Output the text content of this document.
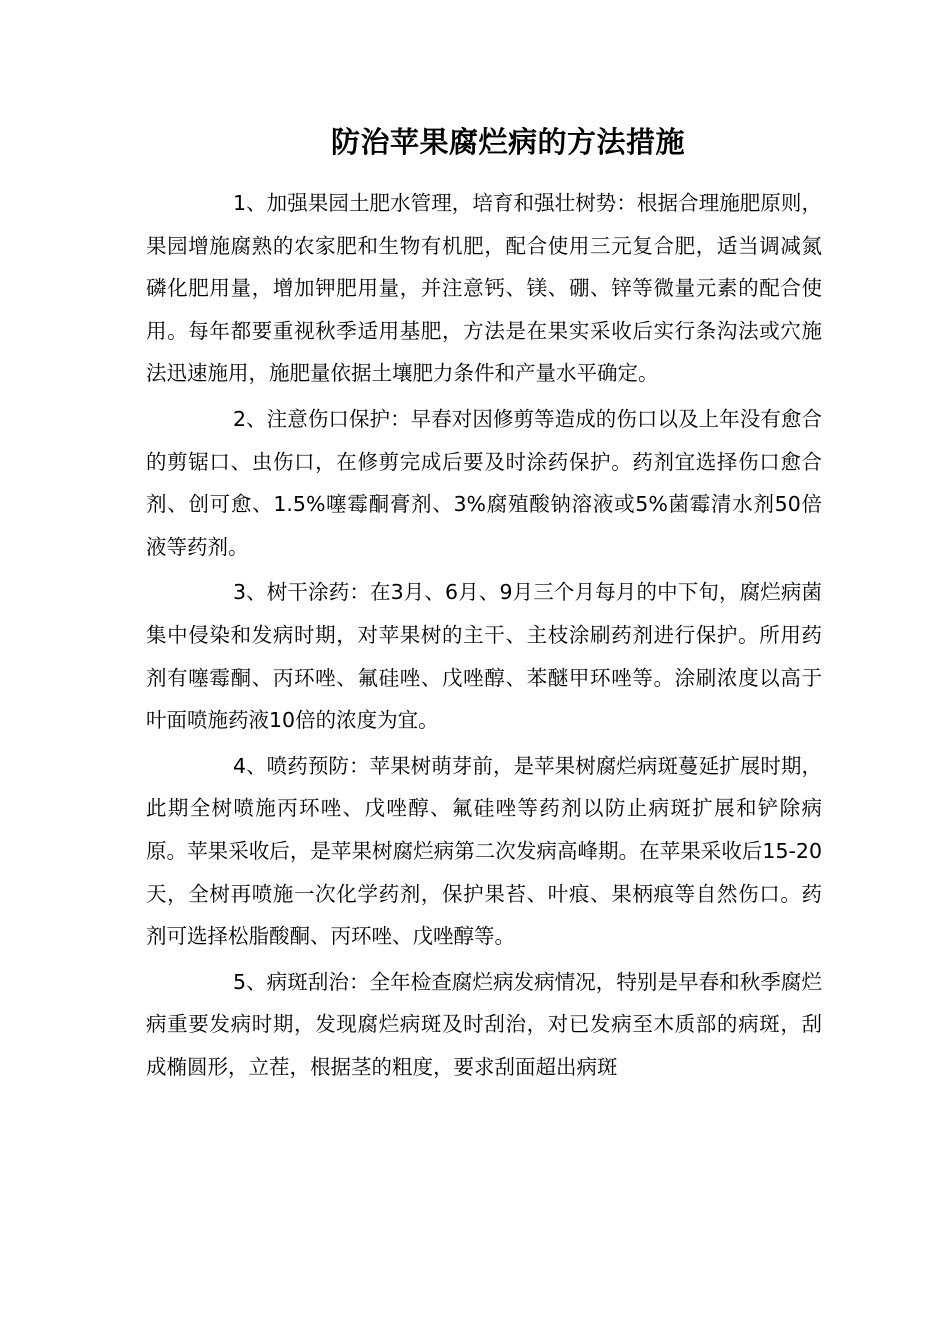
防治苹果腐烂病的方法措施

1、加强果园土肥水管理，培育和强壮树势：根据合理施肥原则，果园增施腐熟的农家肥和生物有机肥，配合使用三元复合肥，适当调减氮磷化肥用量，增加钾肥用量，并注意钙、镁、硼、锌等微量元素的配合使用。每年都要重视秋季适用基肥，方法是在果实采收后实行条沟法或穴施法迅速施用，施肥量依据土壤肥力条件和产量水平确定。

2、注意伤口保护：早春对因修剪等造成的伤口以及上年没有愈合的剪锯口、虫伤口，在修剪完成后要及时涂药保护。药剂宜选择伤口愈合剂、创可愈、1.5%噻霉酮膏剂、3%腐殖酸钠溶液或5%菌霉清水剂50倍液等药剂。

3、树干涂药：在3月、6月、9月三个月每月的中下旬，腐烂病菌集中侵染和发病时期，对苹果树的主干、主枝涂刷药剂进行保护。所用药剂有噻霉酮、丙环唑、氟硅唑、戊唑醇、苯醚甲环唑等。涂刷浓度以高于叶面喷施药液10倍的浓度为宜。

4、喷药预防：苹果树萌芽前，是苹果树腐烂病斑蔓延扩展时期，此期全树喷施丙环唑、戊唑醇、氟硅唑等药剂以防止病斑扩展和铲除病原。苹果采收后，是苹果树腐烂病第二次发病高峰期。在苹果采收后15-20天，全树再喷施一次化学药剂，保护果苔、叶痕、果柄痕等自然伤口。药剂可选择松脂酸酮、丙环唑、戊唑醇等。

5、病斑刮治：全年检查腐烂病发病情况，特别是早春和秋季腐烂病重要发病时期，发现腐烂病斑及时刮治，对已发病至木质部的病斑，刮成椭圆形，立茬，根据茎的粗度，要求刮面超出病斑
